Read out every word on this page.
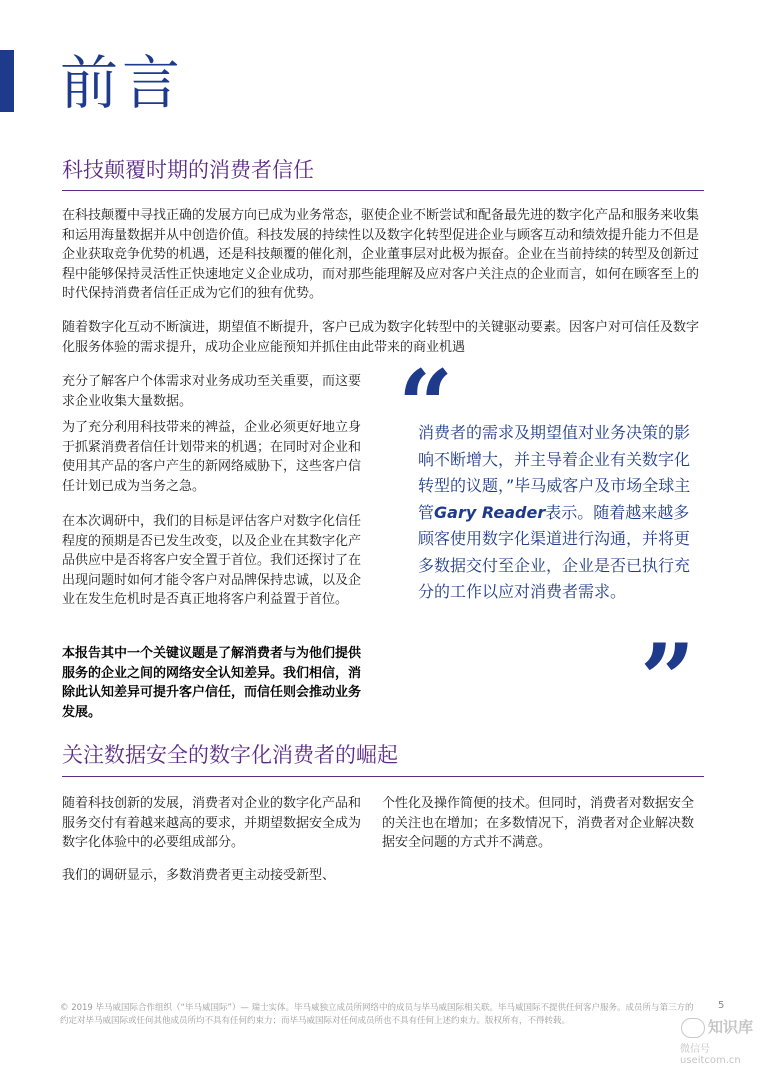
前言
科技颠覆时期的消费者信任

在科技颠覆中寻找正确的发展方向已成为业务常态，驱使企业不断尝试和配备最先进的数字化产品和服务来收集和运用海量数据并从中创造价值。科技发展的持续性以及数字化转型促进企业与顾客互动和绩效提升能力不但是企业获取竞争优势的机遇，还是科技颠覆的催化剂，企业董事层对此极为振奋。企业在当前持续的转型及创新过程中能够保持灵活性正快速地定义企业成功，而对那些能理解及应对客户关注点的企业而言，如何在顾客至上的时代保持消费者信任正成为它们的独有优势。

随着数字化互动不断演进，期望值不断提升，客户已成为数字化转型中的关键驱动要素。因客户对可信任及数字化服务体验的需求提升，成功企业应能预知并抓住由此带来的商业机遇

充分了解客户个体需求对业务成功至关重要，而这要求企业收集大量数据。

为了充分利用科技带来的裨益，企业必须更好地立身于抓紧消费者信任计划带来的机遇；在同时对企业和使用其产品的客户产生的新网络威胁下，这些客户信任计划已成为当务之急。

在本次调研中，我们的目标是评估客户对数字化信任程度的预期是否已发生改变，以及企业在其数字化产品供应中是否将客户安全置于首位。我们还探讨了在出现问题时如何才能令客户对品牌保持忠诚，以及企业在发生危机时是否真正地将客户利益置于首位。

本报告其中一个关键议题是了解消费者与为他们提供服务的企业之间的网络安全认知差异。我们相信，消除此认知差异可提升客户信任，而信任则会推动业务发展。

“

消费者的需求及期望值对业务决策的影响不断增大，并主导着企业有关数字化转型的议题，”毕马威客户及市场全球主管Gary Reader表示。随着越来越多顾客使用数字化渠道进行沟通，并将更多数据交付至企业，企业是否已执行充分的工作以应对消费者需求。

”
关注数据安全的数字化消费者的崛起

随着科技创新的发展，消费者对企业的数字化产品和服务交付有着越来越高的要求，并期望数据安全成为数字化体验中的必要组成部分。

我们的调研显示，多数消费者更主动接受新型、

个性化及操作简便的技术。但同时，消费者对数据安全的关注也在增加；在多数情况下，消费者对企业解决数据安全问题的方式并不满意。

© 2019 毕马威国际合作组织（“毕马威国际”）— 瑞士实体。毕马威独立成员所网络中的成员与毕马威国际相关联。毕马威国际不提供任何客户服务。成员所与第三方的约定对毕马威国际或任何其他成员所均不具有任何约束力；而毕马威国际对任何成员所也不具有任何上述约束力。版权所有，不得转载。

5
知识库
微信号 useitcom.cn
